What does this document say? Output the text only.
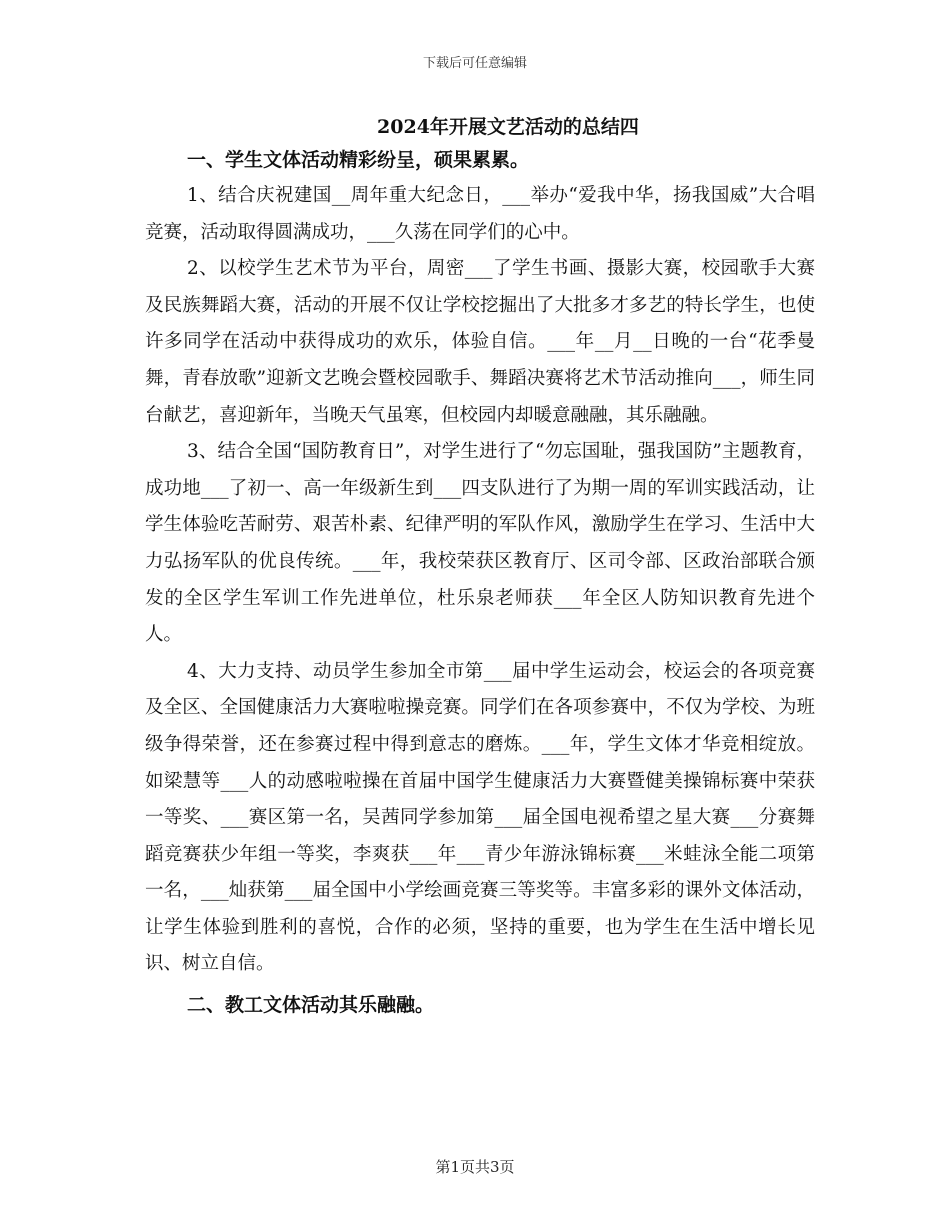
下载后可任意编辑
2024年开展文艺活动的总结四
一、学生文体活动精彩纷呈，硕果累累。

1、结合庆祝建国__周年重大纪念日，___举办“爱我中华，扬我国威”大合唱竞赛，活动取得圆满成功，___久荡在同学们的心中。

2、以校学生艺术节为平台，周密___了学生书画、摄影大赛，校园歌手大赛及民族舞蹈大赛，活动的开展不仅让学校挖掘出了大批多才多艺的特长学生，也使许多同学在活动中获得成功的欢乐，体验自信。___年__月__日晚的一台“花季曼舞，青春放歌”迎新文艺晚会暨校园歌手、舞蹈决赛将艺术节活动推向___，师生同台献艺，喜迎新年，当晚天气虽寒，但校园内却暖意融融，其乐融融。

3、结合全国“国防教育日”，对学生进行了“勿忘国耻，强我国防”主题教育，成功地___了初一、高一年级新生到___四支队进行了为期一周的军训实践活动，让学生体验吃苦耐劳、艰苦朴素、纪律严明的军队作风，激励学生在学习、生活中大力弘扬军队的优良传统。___年，我校荣获区教育厅、区司令部、区政治部联合颁发的全区学生军训工作先进单位，杜乐泉老师获___年全区人防知识教育先进个人。

4、大力支持、动员学生参加全市第___届中学生运动会，校运会的各项竞赛及全区、全国健康活力大赛啦啦操竞赛。同学们在各项参赛中，不仅为学校、为班级争得荣誉，还在参赛过程中得到意志的磨炼。___年，学生文体才华竞相绽放。如梁慧等___人的动感啦啦操在首届中国学生健康活力大赛暨健美操锦标赛中荣获一等奖、___赛区第一名，吴茜同学参加第___届全国电视希望之星大赛___分赛舞蹈竞赛获少年组一等奖，李爽获___年___青少年游泳锦标赛___米蛙泳全能二项第一名，___灿获第___届全国中小学绘画竞赛三等奖等。丰富多彩的课外文体活动，让学生体验到胜利的喜悦，合作的必须，坚持的重要，也为学生在生活中增长见识、树立自信。

二、教工文体活动其乐融融。
第1页共3页
